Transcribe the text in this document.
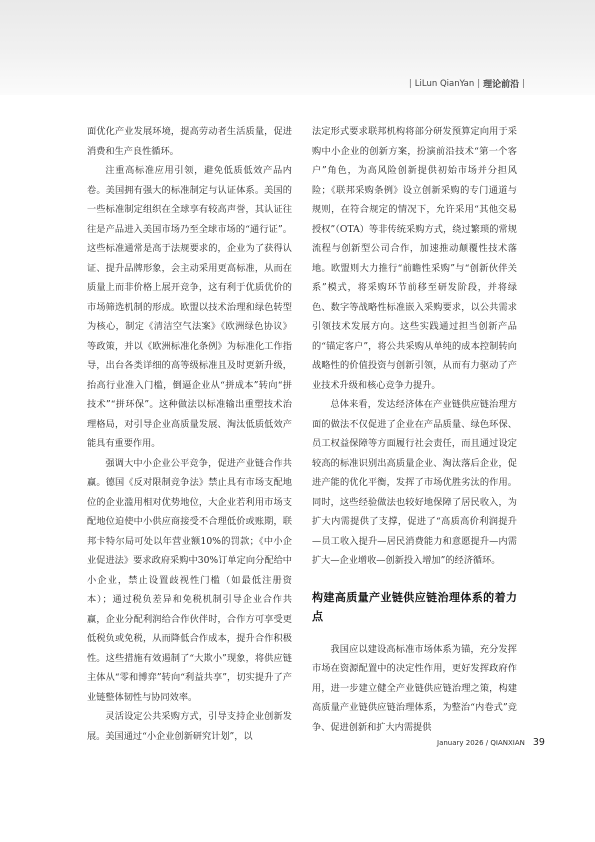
| LiLun QianYan | 理论前沿 |

面优化产业发展环境，提高劳动者生活质量，促进消费和生产良性循环。

注重高标准应用引领，避免低质低效产品内卷。美国拥有强大的标准制定与认证体系。美国的一些标准制定组织在全球享有较高声誉，其认证往往是产品进入美国市场乃至全球市场的“通行证”。这些标准通常是高于法规要求的，企业为了获得认证、提升品牌形象，会主动采用更高标准，从而在质量上而非价格上展开竞争，这有利于优质优价的市场筛选机制的形成。欧盟以技术治理和绿色转型为核心，制定《清洁空气法案》《欧洲绿色协议》等政策，并以《欧洲标准化条例》为标准化工作指导，出台各类详细的高等级标准且及时更新升级，抬高行业准入门槛，倒逼企业从“拼成本”转向“拼技术”“拼环保”。这种做法以标准输出重塑技术治理格局，对引导企业高质量发展、淘汰低质低效产能具有重要作用。

强调大中小企业公平竞争，促进产业链合作共赢。德国《反对限制竞争法》禁止具有市场支配地位的企业滥用相对优势地位，大企业若利用市场支配地位迫使中小供应商接受不合理低价或账期，联邦卡特尔局可处以年营业额10%的罚款；《中小企业促进法》要求政府采购中30%订单定向分配给中小企业，禁止设置歧视性门槛（如最低注册资本）；通过税负差异和免税机制引导企业合作共赢，企业分配利润给合作伙伴时，合作方可享受更低税负或免税，从而降低合作成本，提升合作积极性。这些措施有效遏制了“大欺小”现象，将供应链主体从“零和博弈”转向“利益共享”，切实提升了产业链整体韧性与协同效率。

灵活设定公共采购方式，引导支持企业创新发展。美国通过“小企业创新研究计划”，以

法定形式要求联邦机构将部分研发预算定向用于采购中小企业的创新方案，扮演前沿技术“第一个客户”角色，为高风险创新提供初始市场并分担风险；《联邦采购条例》设立创新采购的专门通道与规则，在符合规定的情况下，允许采用“其他交易授权”（OTA）等非传统采购方式，绕过繁琐的常规流程与创新型公司合作，加速推动颠覆性技术落地。欧盟则大力推行“前瞻性采购”与“创新伙伴关系”模式，将采购环节前移至研发阶段，并将绿色、数字等战略性标准嵌入采购要求，以公共需求引领技术发展方向。这些实践通过担当创新产品的“锚定客户”，将公共采购从单纯的成本控制转向战略性的价值投资与创新引领，从而有力驱动了产业技术升级和核心竞争力提升。

总体来看，发达经济体在产业链供应链治理方面的做法不仅促进了企业在产品质量、绿色环保、员工权益保障等方面履行社会责任，而且通过设定较高的标准识别出高质量企业、淘汰落后企业，促进产能的优化平衡，发挥了市场优胜劣汰的作用。同时，这些经验做法也较好地保障了居民收入，为扩大内需提供了支撑，促进了“高质高价利润提升—员工收入提升—居民消费能力和意愿提升—内需扩大—企业增收—创新投入增加”的经济循环。

构建高质量产业链供应链治理体系的着力点

我国应以建设高标准市场体系为锚，充分发挥市场在资源配置中的决定性作用，更好发挥政府作用，进一步建立健全产业链供应链治理之策，构建高质量产业链供应链治理体系，为整治“内卷式”竞争、促进创新和扩大内需提供

January 2026 / QIANXIAN 39
